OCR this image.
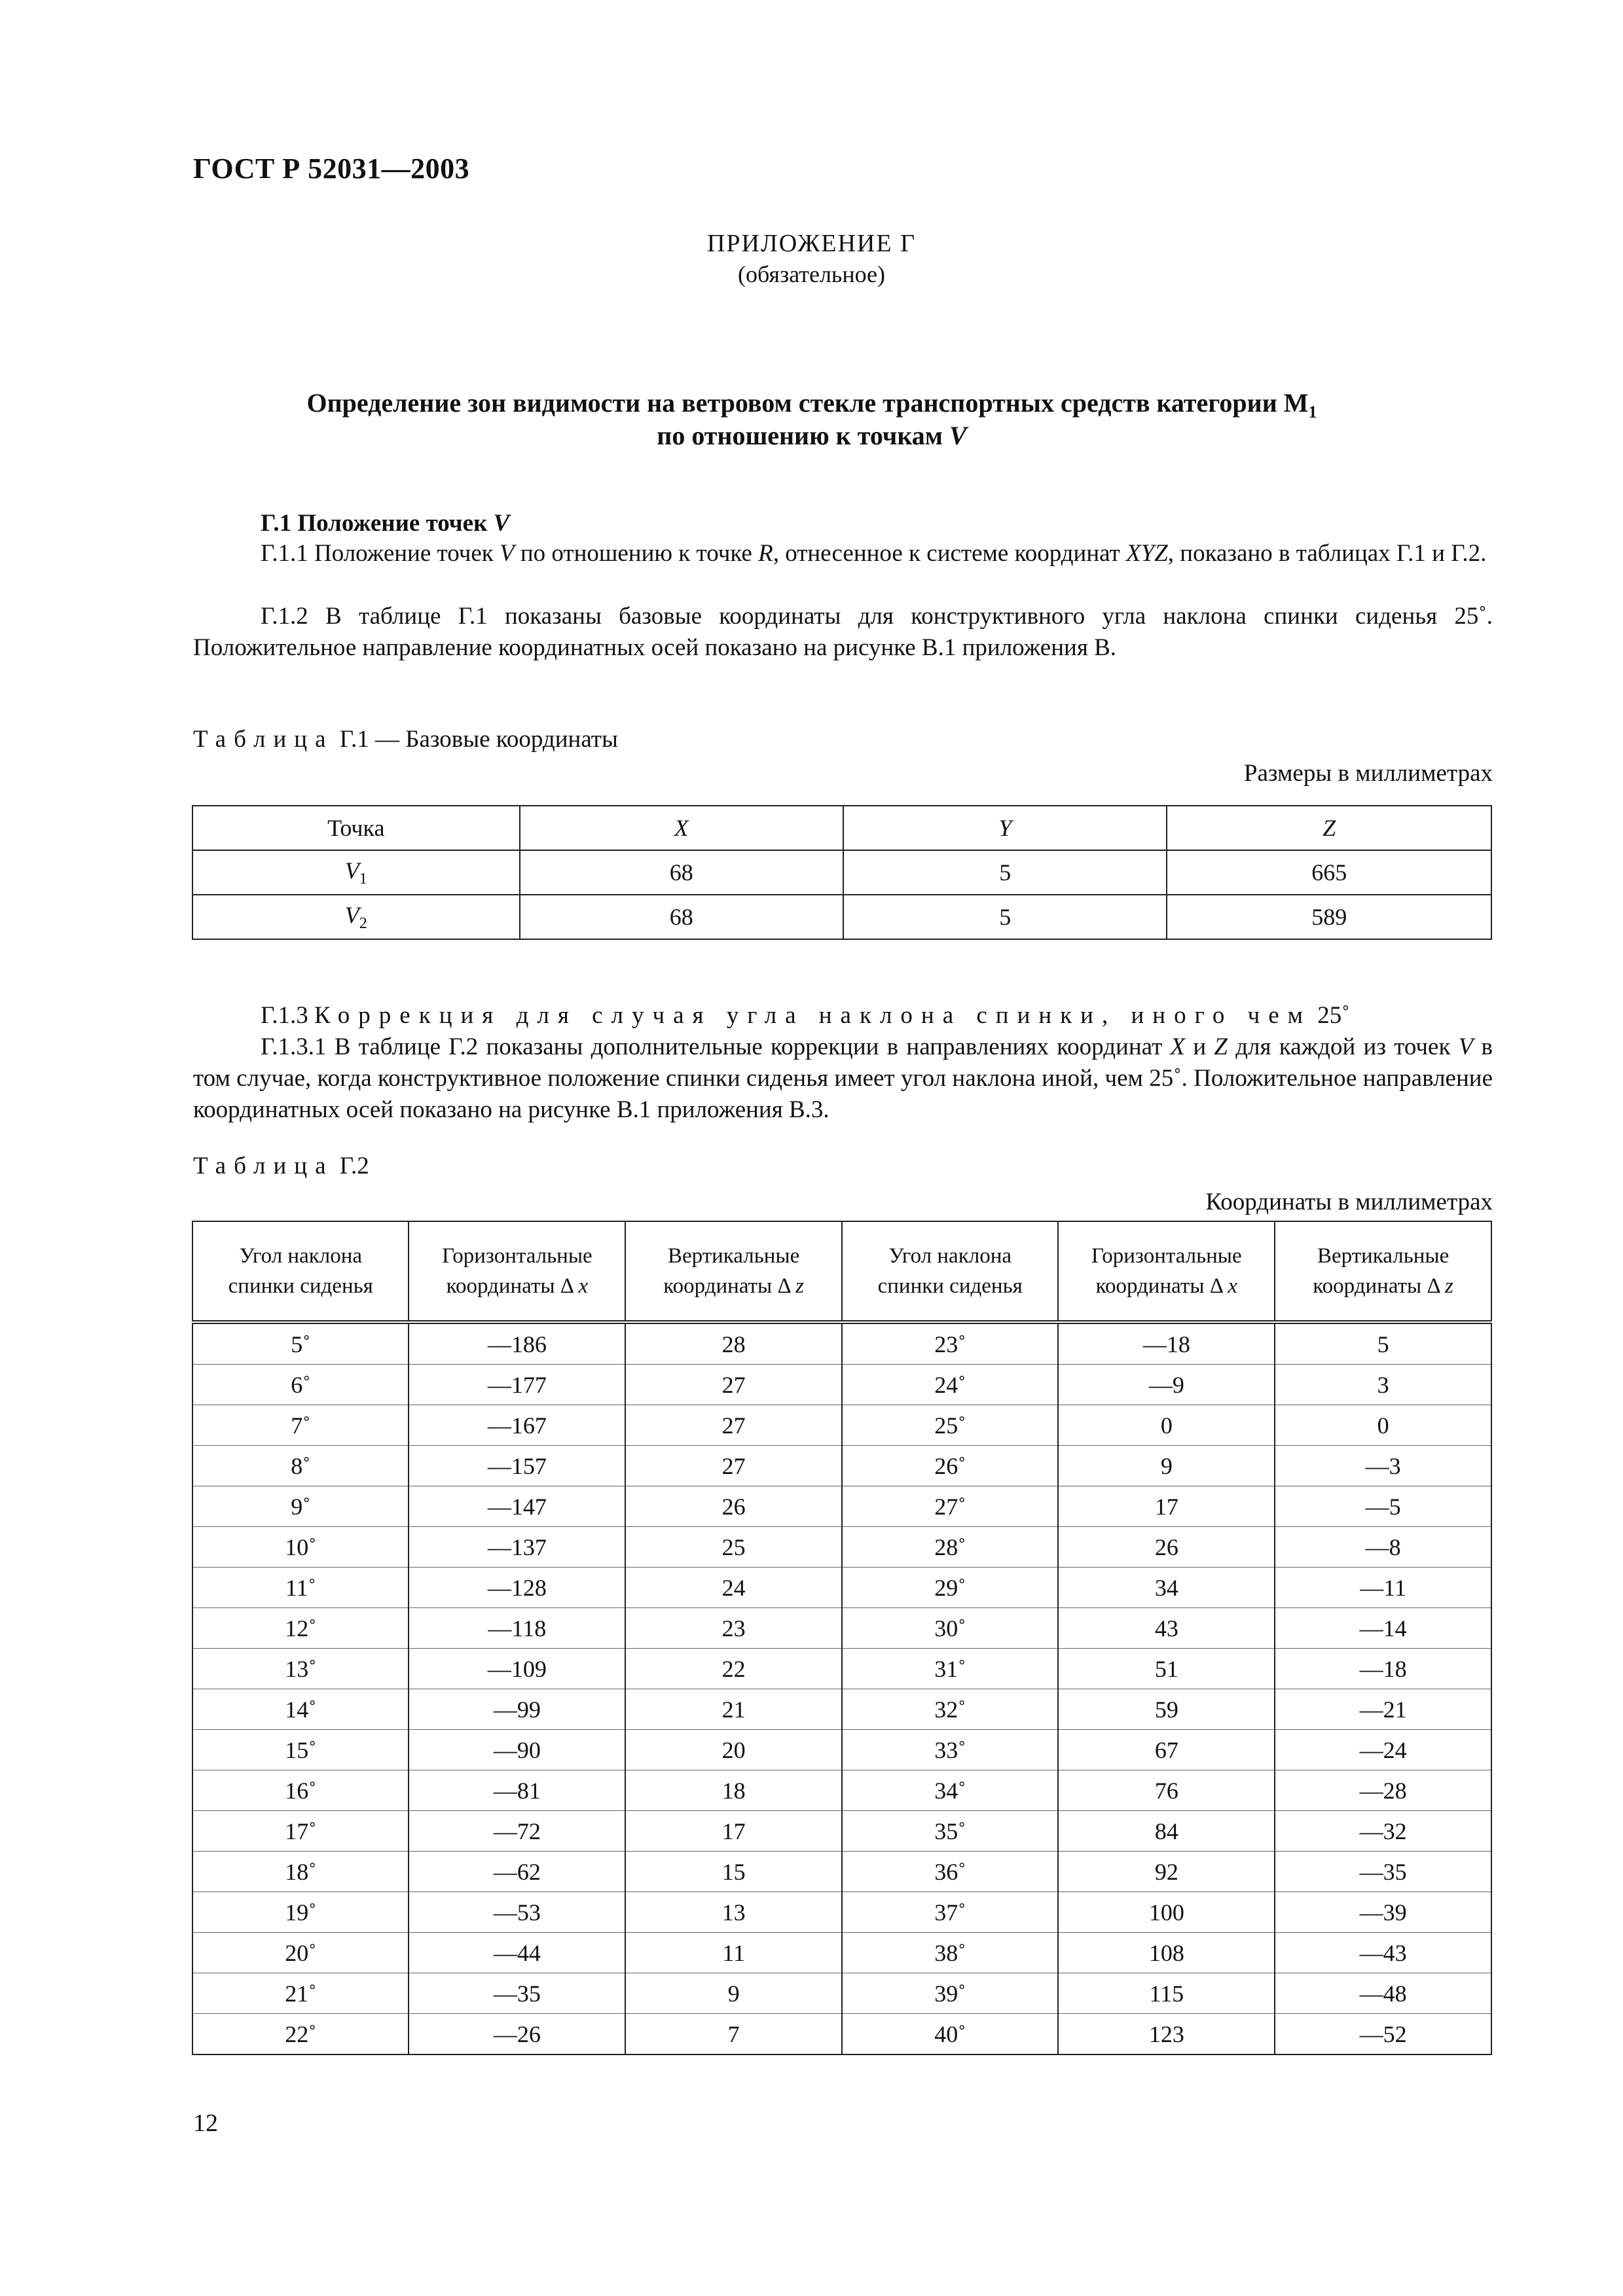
ГОСТ Р 52031—2003
ПРИЛОЖЕНИЕ Г
(обязательное)
Определение зон видимости на ветровом стекле транспортных средств категории $М_1$
по отношению к точкам V
Г.1 Положение точек V

Г.1.1 Положение точек V по отношению к точке R, отнесенное к системе координат XYZ, показано в таблицах Г.1 и Г.2.

Г.1.2 В таблице Г.1 показаны базовые координаты для конструктивного угла наклона спинки сиденья 25˚. Положительное направление координатных осей показано на рисунке В.1 приложения В.

Таблица Г.1 — Базовые координаты
Размеры в миллиметрах
Точка	X	Y	Z
$V_1$	68	5	665
$V_2$	68	5	589

Г.1.3 Коррекция для случая угла наклона спинки, иного чем 25˚

Г.1.3.1 В таблице Г.2 показаны дополнительные коррекции в направлениях координат X и Z для каждой из точек V в том случае, когда конструктивное положение спинки сиденья имеет угол наклона иной, чем 25˚. Положительное направление координатных осей показано на рисунке В.1 приложения В.3.

Таблица Г.2
Координаты в миллиметрах
Угол наклона
спинки сиденья	Горизонтальные
координаты Δ x	Вертикальные
координаты Δ z	Угол наклона
спинки сиденья	Горизонтальные
координаты Δ x	Вертикальные
координаты Δ z
5˚	—186	28	23˚	—18	5
6˚	—177	27	24˚	—9	3
7˚	—167	27	25˚	0	0
8˚	—157	27	26˚	9	—3
9˚	—147	26	27˚	17	—5
10˚	—137	25	28˚	26	—8
11˚	—128	24	29˚	34	—11
12˚	—118	23	30˚	43	—14
13˚	—109	22	31˚	51	—18
14˚	—99	21	32˚	59	—21
15˚	—90	20	33˚	67	—24
16˚	—81	18	34˚	76	—28
17˚	—72	17	35˚	84	—32
18˚	—62	15	36˚	92	—35
19˚	—53	13	37˚	100	—39
20˚	—44	11	38˚	108	—43
21˚	—35	9	39˚	115	—48
22˚	—26	7	40˚	123	—52
12
